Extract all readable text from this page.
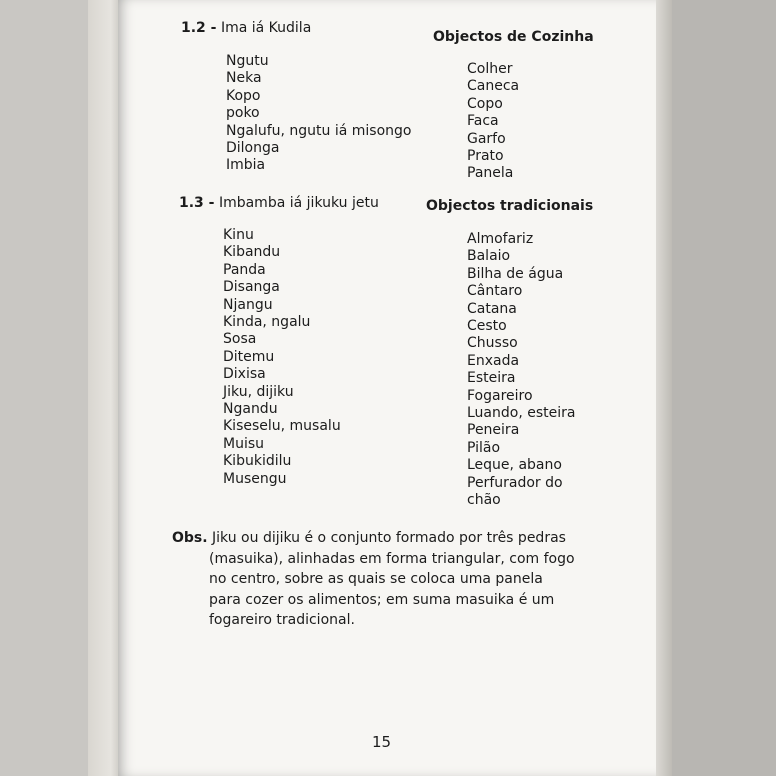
1.2 - Ima iá Kudila
Objectos de Cozinha
Ngutu
Neka
Kopo
poko
Ngalufu, ngutu iá misongo
Dilonga
Imbia
Colher
Caneca
Copo
Faca
Garfo
Prato
Panela
1.3 - Imbamba iá jikuku jetu	Objectos tradicionais
Kinu
Kibandu
Panda
Disanga
Njangu
Kinda, ngalu
Sosa
Ditemu
Dixisa
Jiku, dijiku
Ngandu
Kiseselu, musalu
Muisu
Kibukidilu
Musengu
Almofariz
Balaio
Bilha de água
Cântaro
Catana
Cesto
Chusso
Enxada
Esteira
Fogareiro
Luando, esteira
Peneira
Pilão
Leque, abano
Perfurador do
chão
Obs. Jiku ou dijiku é o conjunto formado por três pedras
(masuika), alinhadas em forma triangular, com fogo
no centro, sobre as quais se coloca uma panela
para cozer os alimentos; em suma masuika é um
fogareiro tradicional.
15
